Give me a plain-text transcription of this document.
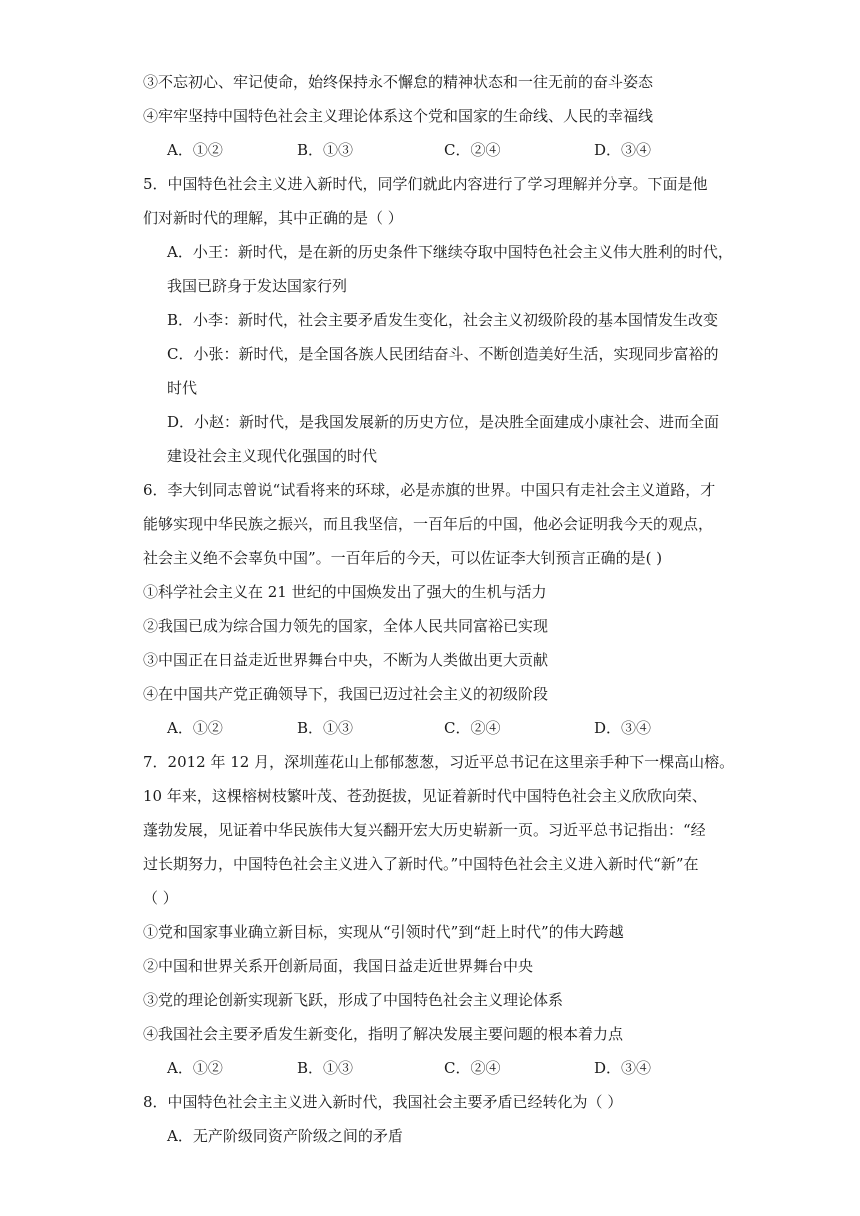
③不忘初心、牢记使命，始终保持永不懈怠的精神状态和一往无前的奋斗姿态
④牢牢坚持中国特色社会主义理论体系这个党和国家的生命线、人民的幸福线
A．①②	B．①③	C．②④	D．③④
5．中国特色社会主义进入新时代，同学们就此内容进行了学习理解并分享。下面是他
们对新时代的理解，其中正确的是（ ）
A．小王：新时代，是在新的历史条件下继续夺取中国特色社会主义伟大胜利的时代，
我国已跻身于发达国家行列
B．小李：新时代，社会主要矛盾发生变化，社会主义初级阶段的基本国情发生改变
C．小张：新时代，是全国各族人民团结奋斗、不断创造美好生活，实现同步富裕的
时代
D．小赵：新时代，是我国发展新的历史方位，是决胜全面建成小康社会、进而全面
建设社会主义现代化强国的时代
6．李大钊同志曾说“试看将来的环球，必是赤旗的世界。中国只有走社会主义道路，才
能够实现中华民族之振兴，而且我坚信，一百年后的中国，他必会证明我今天的观点，
社会主义绝不会辜负中国”。一百年后的今天，可以佐证李大钊预言正确的是( )
①科学社会主义在 21 世纪的中国焕发出了强大的生机与活力
②我国已成为综合国力领先的国家，全体人民共同富裕已实现
③中国正在日益走近世界舞台中央，不断为人类做出更大贡献
④在中国共产党正确领导下，我国已迈过社会主义的初级阶段
A．①②	B．①③	C．②④	D．③④
7．2012 年 12 月，深圳莲花山上郁郁葱葱，习近平总书记在这里亲手种下一棵高山榕。
10 年来，这棵榕树枝繁叶茂、苍劲挺拔，见证着新时代中国特色社会主义欣欣向荣、
蓬勃发展，见证着中华民族伟大复兴翻开宏大历史崭新一页。习近平总书记指出：“经
过长期努力，中国特色社会主义进入了新时代。”中国特色社会主义进入新时代“新”在
（ ）
①党和国家事业确立新目标，实现从“引领时代”到“赶上时代”的伟大跨越
②中国和世界关系开创新局面，我国日益走近世界舞台中央
③党的理论创新实现新飞跃，形成了中国特色社会主义理论体系
④我国社会主要矛盾发生新变化，指明了解决发展主要问题的根本着力点
A．①②	B．①③	C．②④	D．③④
8．中国特色社会主主义进入新时代，我国社会主要矛盾已经转化为（ ）
A．无产阶级同资产阶级之间的矛盾
